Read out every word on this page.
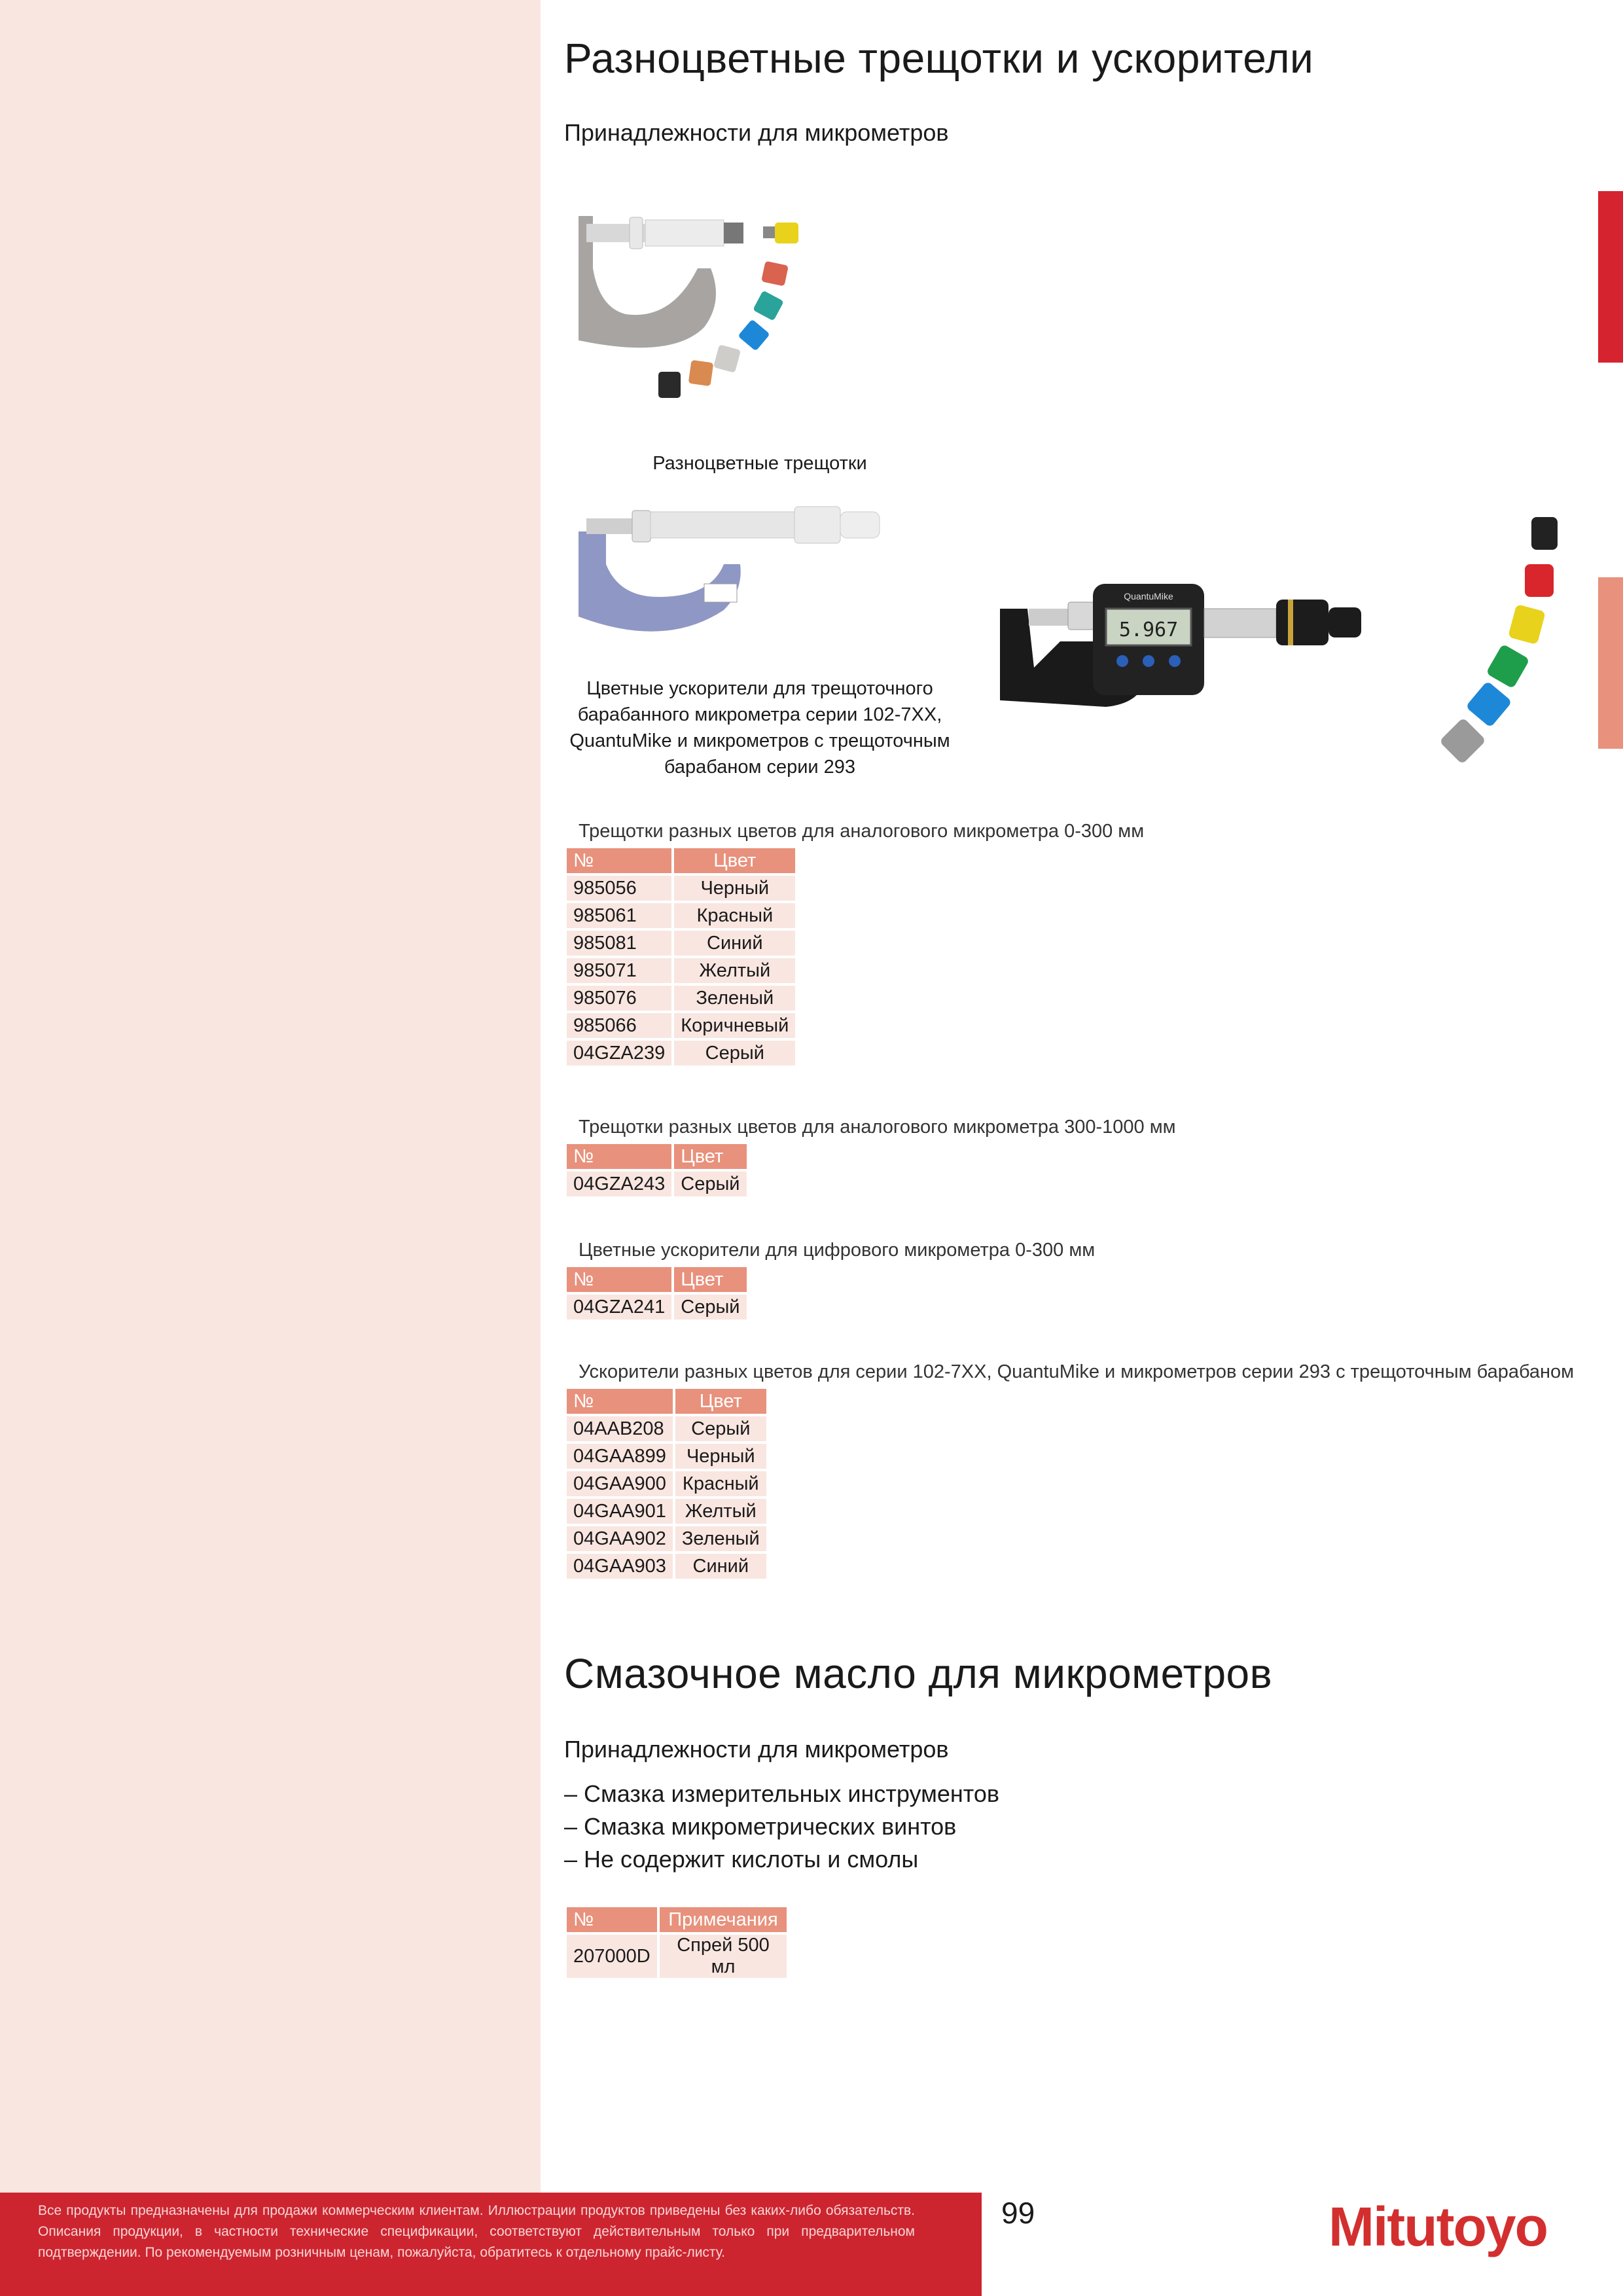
Разноцветные трещотки и ускорители
Принадлежности для микрометров
Разноцветные трещотки
Цветные ускорители для трещоточного
барабанного микрометра серии 102-7XX,
QuantuMike и микрометров с трещоточным
барабаном серии 293
5.967
QuantuMike
Трещотки разных цветов для аналогового микрометра 0-300 мм
№	Цвет
985056	Черный
985061	Красный
985081	Синий
985071	Желтый
985076	Зеленый
985066	Коричневый
04GZA239	Серый
Трещотки разных цветов для аналогового микрометра 300-1000 мм
№	Цвет
04GZA243	Серый
Цветные ускорители для цифрового микрометра 0-300 мм
№	Цвет
04GZA241	Серый
Ускорители разных цветов для серии 102-7XX, QuantuMike и микрометров серии 293 с трещоточным барабаном
№	Цвет
04AAB208	Серый
04GAA899	Черный
04GAA900	Красный
04GAA901	Желтый
04GAA902	Зеленый
04GAA903	Синий
Смазочное масло для микрометров
Принадлежности для микрометров
– Смазка измерительных инструментов
– Смазка микрометрических винтов
– Не содержит кислоты и смолы
№	Примечания
207000D	Спрей 500 мл
Все продукты предназначены для продажи коммерческим клиентам. Иллюстрации продуктов приведены без каких-либо обязательств. Описания продукции, в частности технические спецификации, соответствуют действительным только при предварительном подтверждении. По рекомендуемым розничным ценам, пожалуйста, обратитесь к отдельному прайс-листу.
99	Mitutoyo
